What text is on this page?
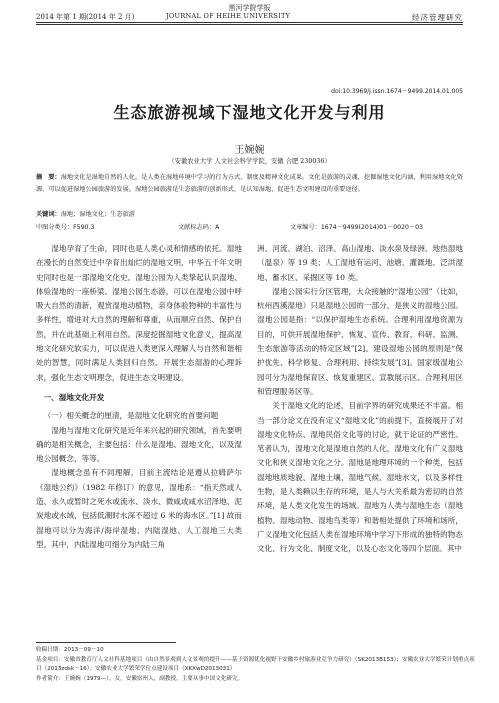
黑河学院学报
2014 年第 1 期(2014 年 2 月)	JOURNAL OF HEIHE UNIVERSITY	经济管理研究
doi:10.3969/j.issn.1674－9499.2014.01.005
生态旅游视域下湿地文化开发与利用
王婉婉
（安徽农业大学 人文社会科学学院，安徽 合肥 230036）
摘　要：湿地文化是湿地自然的人化，是人类在湿地环境中学习的行为方式、制度及精神文化成果。文化是旅游的灵魂，挖掘湿地文化内涵，利用湿地文化资源，可以促进湿地公园旅游的发展。湿地公园旅游是生态旅游的创新形式，是认知湿地、促进生态文明建设的重要途径。
关键词：湿地；湿地文化；生态旅游
中图分类号：F590.3	文献标志码：A	文章编号：1674－9499(2014)01－0020－03

湿地孕育了生命，同时也是人类心灵和情感的依托。湿地在漫长的自然变迁中孕育出灿烂的湿地文明，中华五千年文明史同时也是一部湿地文化史。湿地公园为人类挚起认识湿地、体验湿地的一座桥梁。湿地公园生态游，可以在湿地公园中呼吸大自然的清新，观赏湿地动植物，亲身体验物种的丰富性与多样性，增进对大自然的理解和尊重，从而顺应自然、保护自然，并在此基础上利用自然。深度挖掘湿地文化意义，提高湿地文化研究软实力，可以促进人类更深入理解人与自然和谐相处的智慧，同时满足人类回归自然、开展生态湿游的心理诉求，强化生态文明理念，促进生态文明建设。

一、湿地文化开发

（一）相关概念的厘清，是湿地文化研究的首要问题

湿地与湿地文化研究是近年来兴起的研究领域，首先要明确的是相关概念，主要包括：什么是湿地、湿地文化，以及湿地公园概念，等等。

湿地概念虽有不同理解，目前主流结论是遵从拉姆萨尔《湿地公约》（1982 年修订）的意见，湿地系：“指天然或人造、永久或暂时之死水或流水、淡水、微咸或咸水沼泽地、泥炭地或水域，包括低潮时水深不超过 6 米的海水区。”[1] 故而湿地可以分为海洋/海岸湿地、内陆湿地、人工湿地三大类型。其中，内陆湿地可细分为内陆三角

洲、河流、湖泊、沼泽、高山湿地、淡水泉及绿洲、地热湿地（温泉）等 19 类；人工湿地有运河、池塘、灌溉地、泛洪湿地、蓄水区、采掘区等 10 类。

湿地公园实行分区管理，大众接触的“湿地公园”（比如，杭州西溪湿地）只是湿地公园的一部分，是狭义的湿地公园。湿地公园是指：“以保护湿地生态系统、合理利用湿地资源为目的，可供开展湿地保护、恢复、宣传、教育、科研、监测、生态旅游等活动的特定区域”[2]。建设湿地公园的原则是“保护优先、科学修复、合理利用、持续发展”[3]。国家级湿地公园可分为湿地保育区、恢复重建区、宣教展示区、合理利用区和管理服务区等。

关于湿地文化的论述，目前学界的研究成果还不丰富。相当一部分论文在没有定义“湿地文化”的前提下，直接展开了对湿地文化特点、湿地民俗文化等的讨论，就于论证的严密性。笔者认为，湿地文化是湿地自然的人化，湿地文化有广义湿地文化和狭义湿地文化之分。湿地是地理环境的一个种类，包括湿地地质地貌、湿地土壤、湿地气候、湿地水文，以及多样性生物，是人类赖以生存的环境，是人与大关系最为密切的自然环境，是人类文化发生的场域。湿地为人类与湿地生态（湿地植物、湿地动物、湿地鸟类等）和谐相处提供了环境和场所，广义湿地文化包括人类在湿地环境中学习下形成的独特的物态文化、行为文化、制度文化，以及心态文化等四个层面。其中

收稿日期：2013－09－10

基金项目：安徽省教育厅人文社科基地项目（由自然景观到人文景观的提升——基于资源优化视野下安徽乡村旅游业竞争力研究）（SK2013B153）；安徽农业大学繁荣计划重点项目（2013zdsk－16）；安徽农业大学繁荣学位点建设项目（XKXwD2013031）

作者简介：王婉婉（1979—），女，安徽宿州人，副教授，主要从事中国文化研究。
